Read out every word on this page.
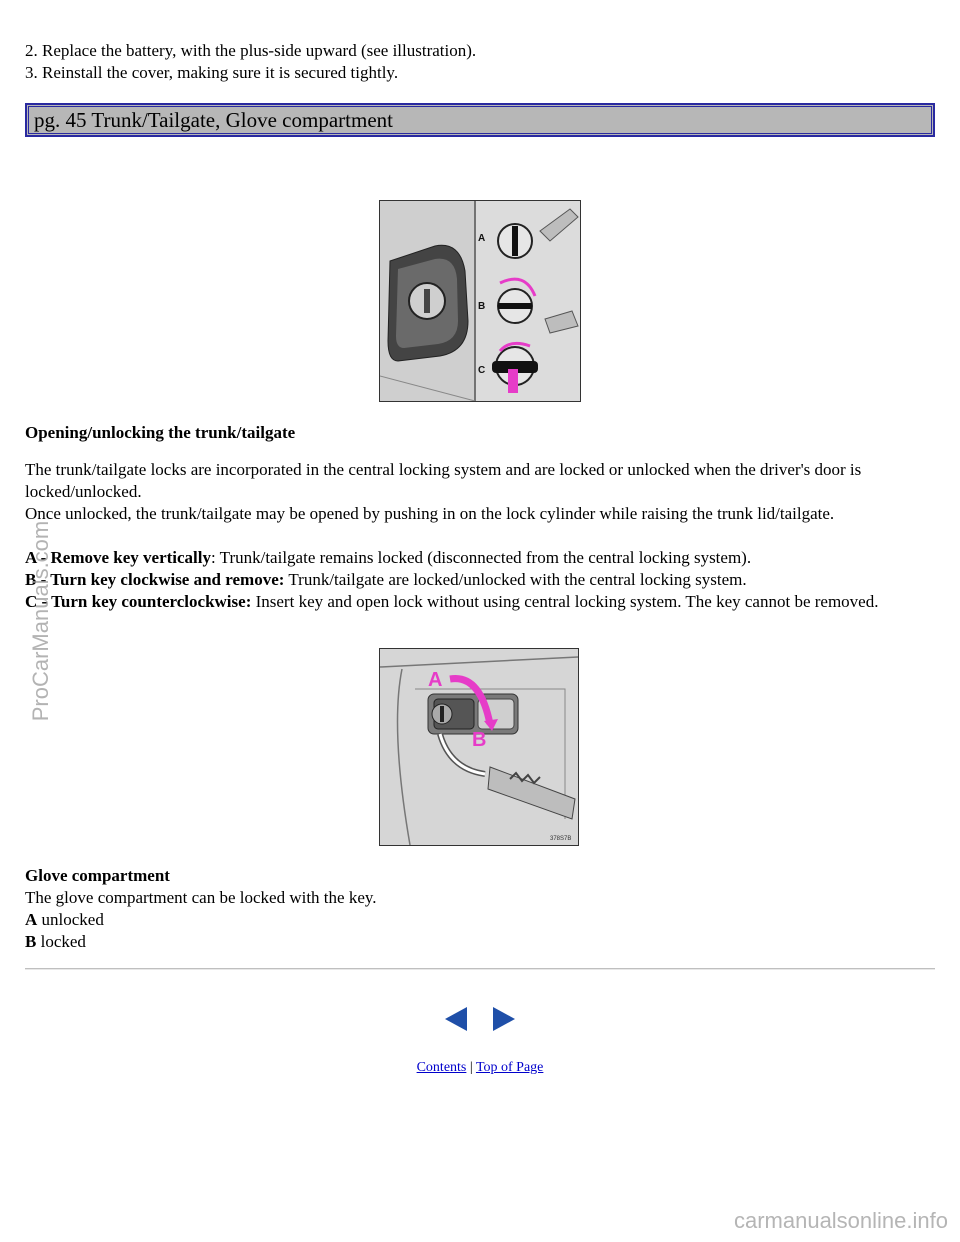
2. Replace the battery, with the plus-side upward (see illustration).

3. Reinstall the cover, making sure it is secured tightly.

pg. 45 Trunk/Tailgate, Glove compartment
A
B
C

Opening/unlocking the trunk/tailgate

The trunk/tailgate locks are incorporated in the central locking system and are locked or unlocked when the driver's door is locked/unlocked.

Once unlocked, the trunk/tailgate may be opened by pushing in on the lock cylinder while raising the trunk lid/tailgate.

A - Remove key vertically: Trunk/tailgate remains locked (disconnected from the central locking system).

B - Turn key clockwise and remove: Trunk/tailgate are locked/unlocked with the central locking system.

C - Turn key counterclockwise: Insert key and open lock without using central locking system. The key cannot be removed.

A
B
378S7B

Glove compartment

The glove compartment can be locked with the key.

A unlocked

B locked

Contents | Top of Page
ProCarManuals.com
carmanualsonline.info
